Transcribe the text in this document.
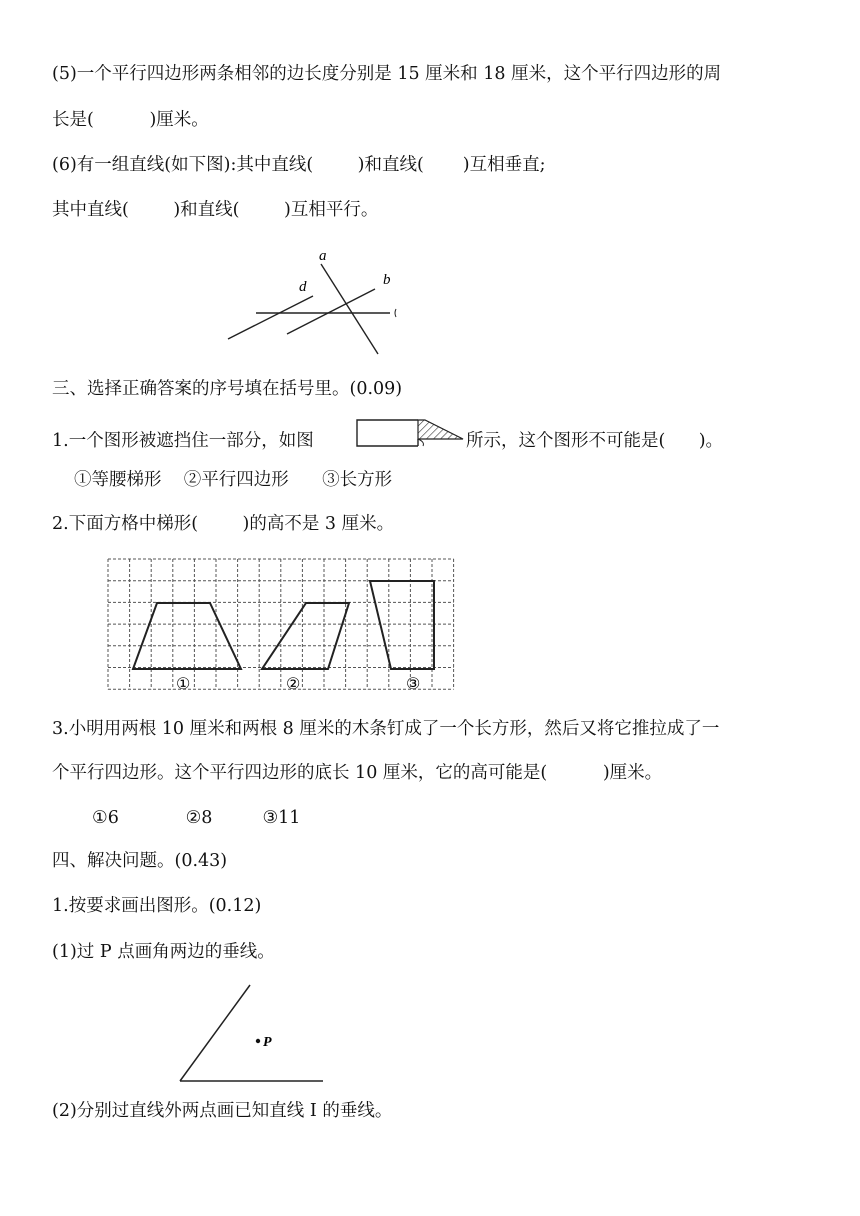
(5)一个平行四边形两条相邻的边长度分别是 15 厘米和 18 厘米，这个平行四边形的周
长是(          )厘米。
(6)有一组直线(如下图):其中直线(        )和直线(       )互相垂直;
其中直线(        )和直线(        )互相平行。
a
b
d
三、选择正确答案的序号填在括号里。(0.09)
1.一个图形被遮挡住一部分，如图	所示，这个图形不可能是(      )。
①等腰梯形    ②平行四边形      ③长方形
2.下面方格中梯形(        )的高不是 3 厘米。
①	②	③
3.小明用两根 10 厘米和两根 8 厘米的木条钉成了一个长方形，然后又将它推拉成了一
个平行四边形。这个平行四边形的底长 10 厘米，它的高可能是(          )厘米。
①6            ②8         ③11
四、解决问题。(0.43)
1.按要求画出图形。(0.12)
(1)过 P 点画角两边的垂线。
P
(2)分别过直线外两点画已知直线 I 的垂线。
